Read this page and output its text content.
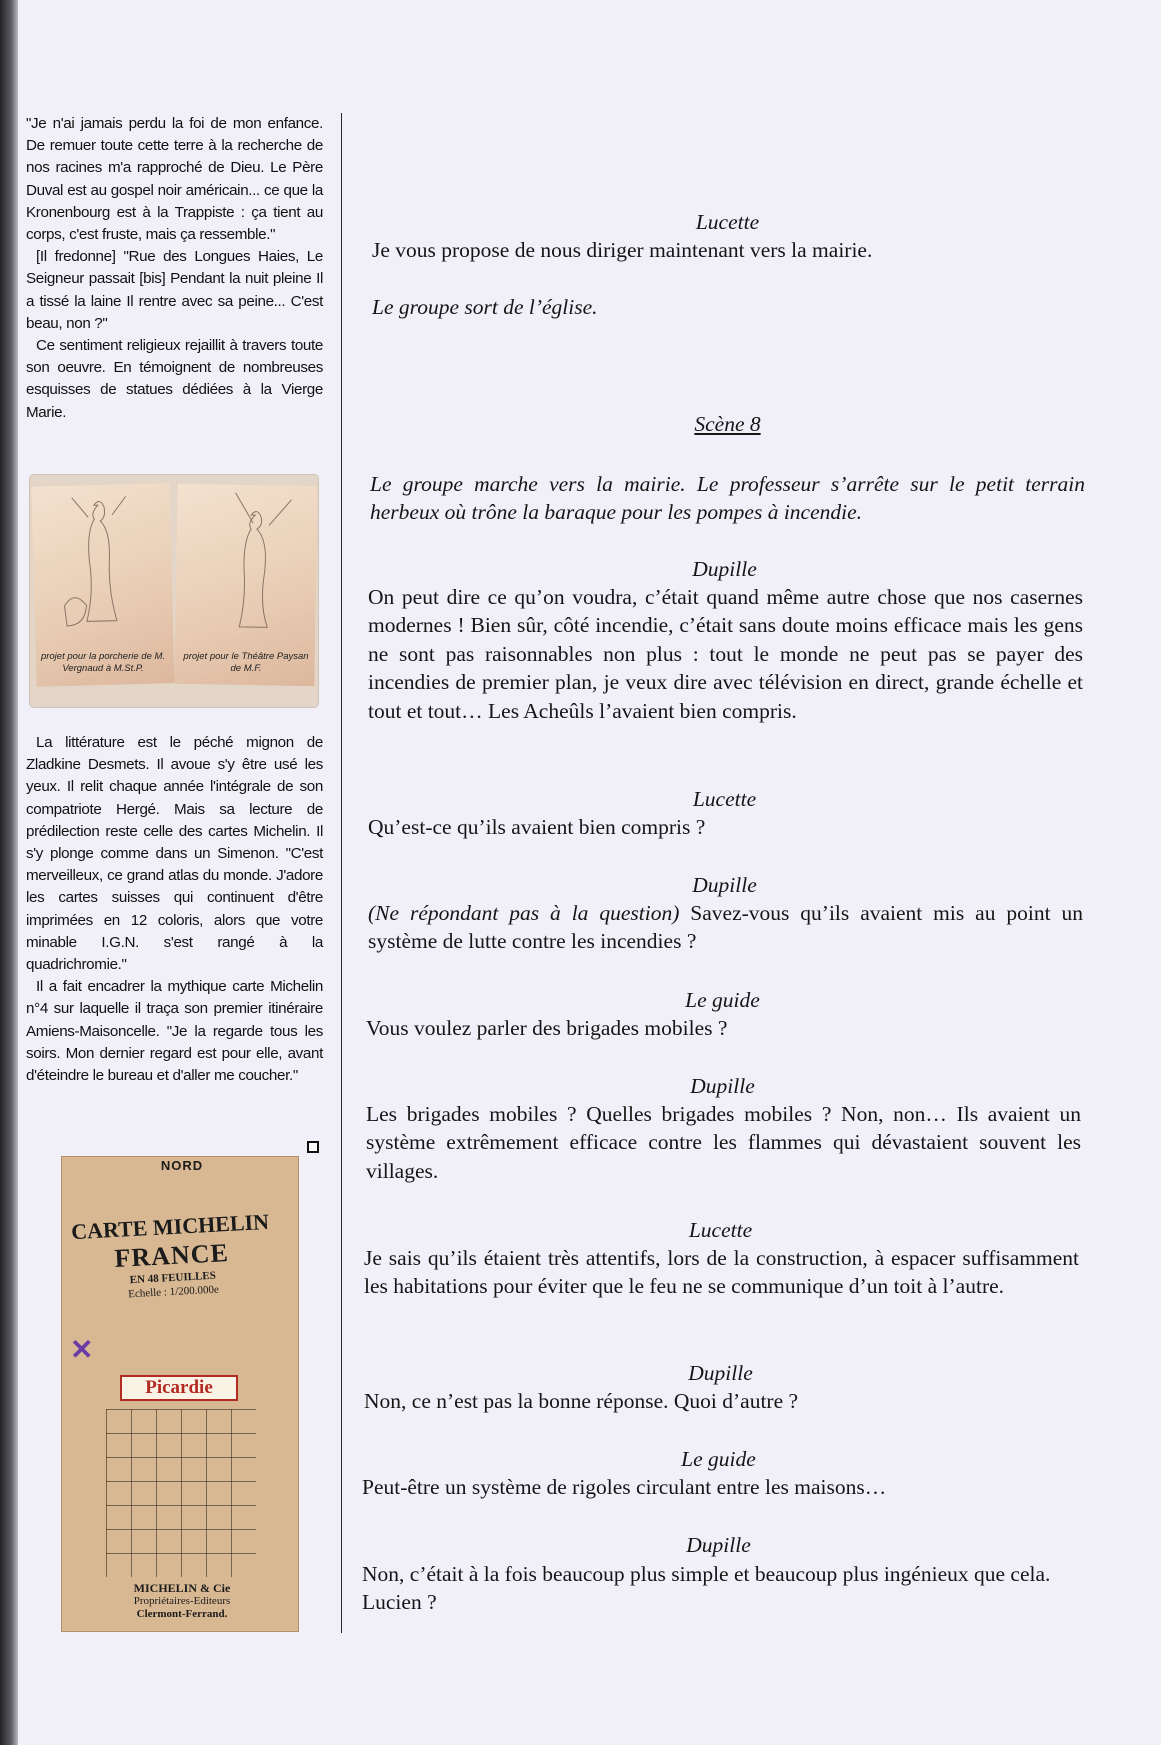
"Je n'ai jamais perdu la foi de mon enfance. De remuer toute cette terre à la recherche de nos racines m'a rapproché de Dieu. Le Père Duval est au gospel noir américain... ce que la Kronenbourg est à la Trappiste : ça tient au corps, c'est fruste, mais ça ressemble."

[Il fredonne] "Rue des Longues Haies, Le Seigneur passait [bis] Pendant la nuit pleine Il a tissé la laine Il rentre avec sa peine... C'est beau, non ?"

Ce sentiment religieux rejaillit à travers toute son oeuvre. En témoignent de nombreuses esquisses de statues dédiées à la Vierge Marie.

projet pour la porcherie de M. Vergnaud à M.St.P.
projet pour le Théâtre Paysan de M.F.

La littérature est le péché mignon de Zladkine Desmets. Il avoue s'y être usé les yeux. Il relit chaque année l'intégrale de son compatriote Hergé. Mais sa lecture de prédilection reste celle des cartes Michelin. Il s'y plonge comme dans un Simenon. "C'est merveilleux, ce grand atlas du monde. J'adore les cartes suisses qui continuent d'être imprimées en 12 coloris, alors que votre minable I.G.N. s'est rangé à la quadrichromie."

Il a fait encadrer la mythique carte Michelin n°4 sur laquelle il traça son premier itinéraire Amiens-Maisoncelle. "Je la regarde tous les soirs. Mon dernier regard est pour elle, avant d'éteindre le bureau et d'aller me coucher."

NORD
CARTE MICHELIN
FRANCE
EN 48 FEUILLES
Echelle : 1/200.000e
✕
Picardie
MICHELIN & Cie
Propriétaires-Editeurs
Clermont-Ferrand.
Lucette
Je vous propose de nous diriger maintenant vers la mairie.
Le groupe sort de l’église.
Scène 8
Le groupe marche vers la mairie. Le professeur s’arrête sur le petit terrain herbeux où trône la baraque pour les pompes à incendie.
Dupille
On peut dire ce qu’on voudra, c’était quand même autre chose que nos casernes modernes ! Bien sûr, côté incendie, c’était sans doute moins efficace mais les gens ne sont pas raisonnables non plus : tout le monde ne peut pas se payer des incendies de premier plan, je veux dire avec télévision en direct, grande échelle et tout et tout… Les Acheûls l’avaient bien compris.
Lucette
Qu’est-ce qu’ils avaient bien compris ?
Dupille
(Ne répondant pas à la question) Savez-vous qu’ils avaient mis au point un système de lutte contre les incendies ?
Le guide
Vous voulez parler des brigades mobiles ?
Dupille
Les brigades mobiles ? Quelles brigades mobiles ? Non, non… Ils avaient un système extrêmement efficace contre les flammes qui dévastaient souvent les villages.
Lucette
Je sais qu’ils étaient très attentifs, lors de la construction, à espacer suffisamment les habitations pour éviter que le feu ne se communique d’un toit à l’autre.
Dupille
Non, ce n’est pas la bonne réponse. Quoi d’autre ?
Le guide
Peut-être un système de rigoles circulant entre les maisons…
Dupille
Non, c’était à la fois beaucoup plus simple et beaucoup plus ingénieux que cela. Lucien ?
